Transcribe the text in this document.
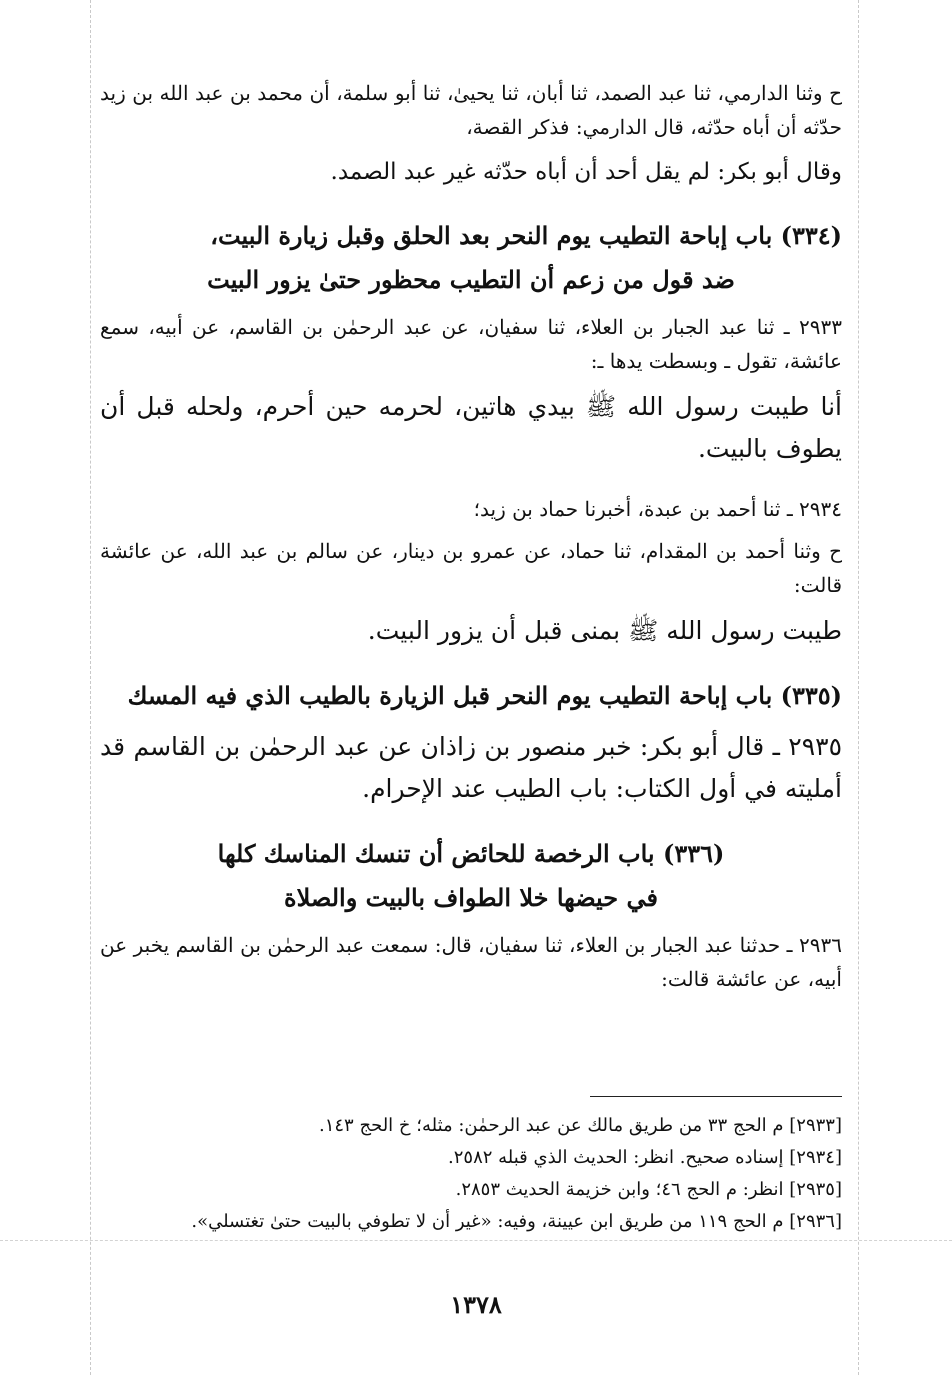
ح وثنا الدارمي، ثنا عبد الصمد، ثنا أبان، ثنا يحيىٰ، ثنا أبو سلمة، أن محمد بن عبد الله بن زيد حدّثه أن أباه حدّثه، قال الدارمي: فذكر القصة،

وقال أبو بكر: لم يقل أحد أن أباه حدّثه غير عبد الصمد.

(٣٣٤) باب إباحة التطيب يوم النحر بعد الحلق وقبل زيارة البيت،
ضد قول من زعم أن التطيب محظور حتىٰ يزور البيت

٢٩٣٣ ـ ثنا عبد الجبار بن العلاء، ثنا سفيان، عن عبد الرحمٰن بن القاسم، عن أبيه، سمع عائشة، تقول ـ وبسطت يدها ـ:

أنا طيبت رسول الله ﷺ بيدي هاتين، لحرمه حين أحرم، ولحله قبل أن يطوف بالبيت.

٢٩٣٤ ـ ثنا أحمد بن عبدة، أخبرنا حماد بن زيد؛

ح وثنا أحمد بن المقدام، ثنا حماد، عن عمرو بن دينار، عن سالم بن عبد الله، عن عائشة قالت:

طيبت رسول الله ﷺ بمنى قبل أن يزور البيت.

(٣٣٥) باب إباحة التطيب يوم النحر قبل الزيارة بالطيب الذي فيه المسك

٢٩٣٥ ـ قال أبو بكر: خبر منصور بن زاذان عن عبد الرحمٰن بن القاسم قد أمليته في أول الكتاب: باب الطيب عند الإحرام.

(٣٣٦) باب الرخصة للحائض أن تنسك المناسك كلها
في حيضها خلا الطواف بالبيت والصلاة

٢٩٣٦ ـ حدثنا عبد الجبار بن العلاء، ثنا سفيان، قال: سمعت عبد الرحمٰن بن القاسم يخبر عن أبيه، عن عائشة قالت:

[٢٩٣٣] م الحج ٣٣ من طريق مالك عن عبد الرحمٰن: مثله؛ خ الحج ١٤٣.

[٢٩٣٤] إسناده صحيح. انظر: الحديث الذي قبله ٢٥٨٢.

[٢٩٣٥] انظر: م الحج ٤٦؛ وابن خزيمة الحديث ٢٨٥٣.

[٢٩٣٦] م الحج ١١٩ من طريق ابن عيينة، وفيه: «غير أن لا تطوفي بالبيت حتىٰ تغتسلي».

١٣٧٨
